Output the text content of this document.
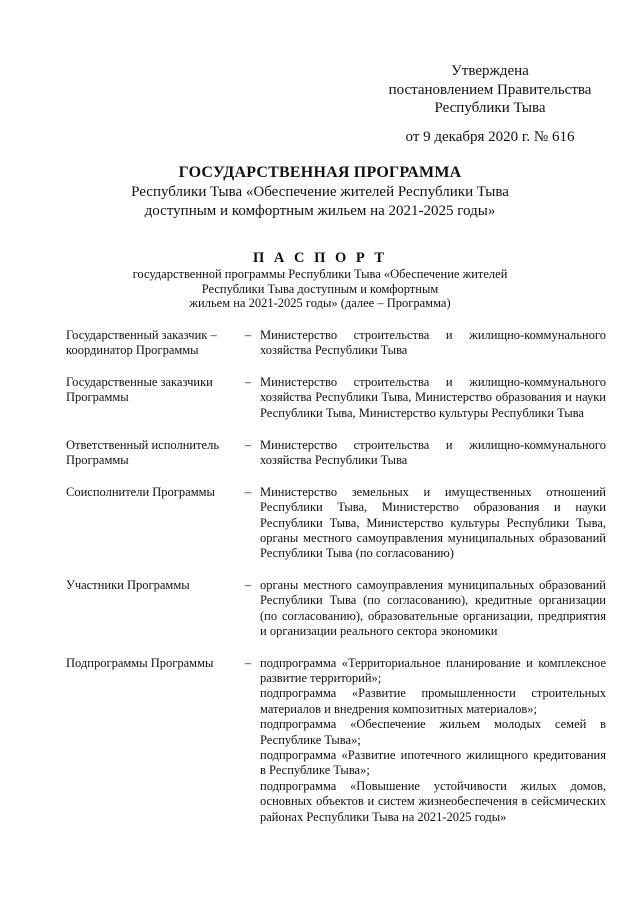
Утверждена
постановлением Правительства
Республики Тыва
от 9 декабря 2020 г. № 616
ГОСУДАРСТВЕННАЯ ПРОГРАММА
Республики Тыва «Обеспечение жителей Республики Тыва
доступным и комфортным жильем на 2021-2025 годы»
П А С П О Р Т
государственной программы Республики Тыва «Обеспечение жителей
Республики Тыва доступным и комфортным
жильем на 2021-2025 годы» (далее – Программа)
Государственный заказчик –
координатор Программы
– Министерство строительства и жилищно-коммунального хозяйства Республики Тыва
Государственные заказчики
Программы
– Министерство строительства и жилищно-коммунального хозяйства Республики Тыва, Министерство образования и науки Республики Тыва, Министерство культуры Республики Тыва
Ответственный исполнитель
Программы
– Министерство строительства и жилищно-коммунального хозяйства Республики Тыва
Соисполнители Программы	– Министерство земельных и имущественных отношений Республики Тыва, Министерство образования и науки Республики Тыва, Министерство культуры Республики Тыва, органы местного самоуправления муниципальных образований Республики Тыва (по согласованию)
Участники Программы	– органы местного самоуправления муниципальных образований Республики Тыва (по согласованию), кредитные организации (по согласованию), образовательные организации, предприятия и организации реального сектора экономики
Подпрограммы Программы	– подпрограмма «Территориальное планирование и комплексное развитие территорий»;
подпрограмма «Развитие промышленности строительных материалов и внедрения композитных материалов»;
подпрограмма «Обеспечение жильем молодых семей в Республике Тыва»;
подпрограмма «Развитие ипотечного жилищного кредитования в Республике Тыва»;
подпрограмма «Повышение устойчивости жилых домов, основных объектов и систем жизнеобеспечения в сейсмических районах Республики Тыва на 2021-2025 годы»
